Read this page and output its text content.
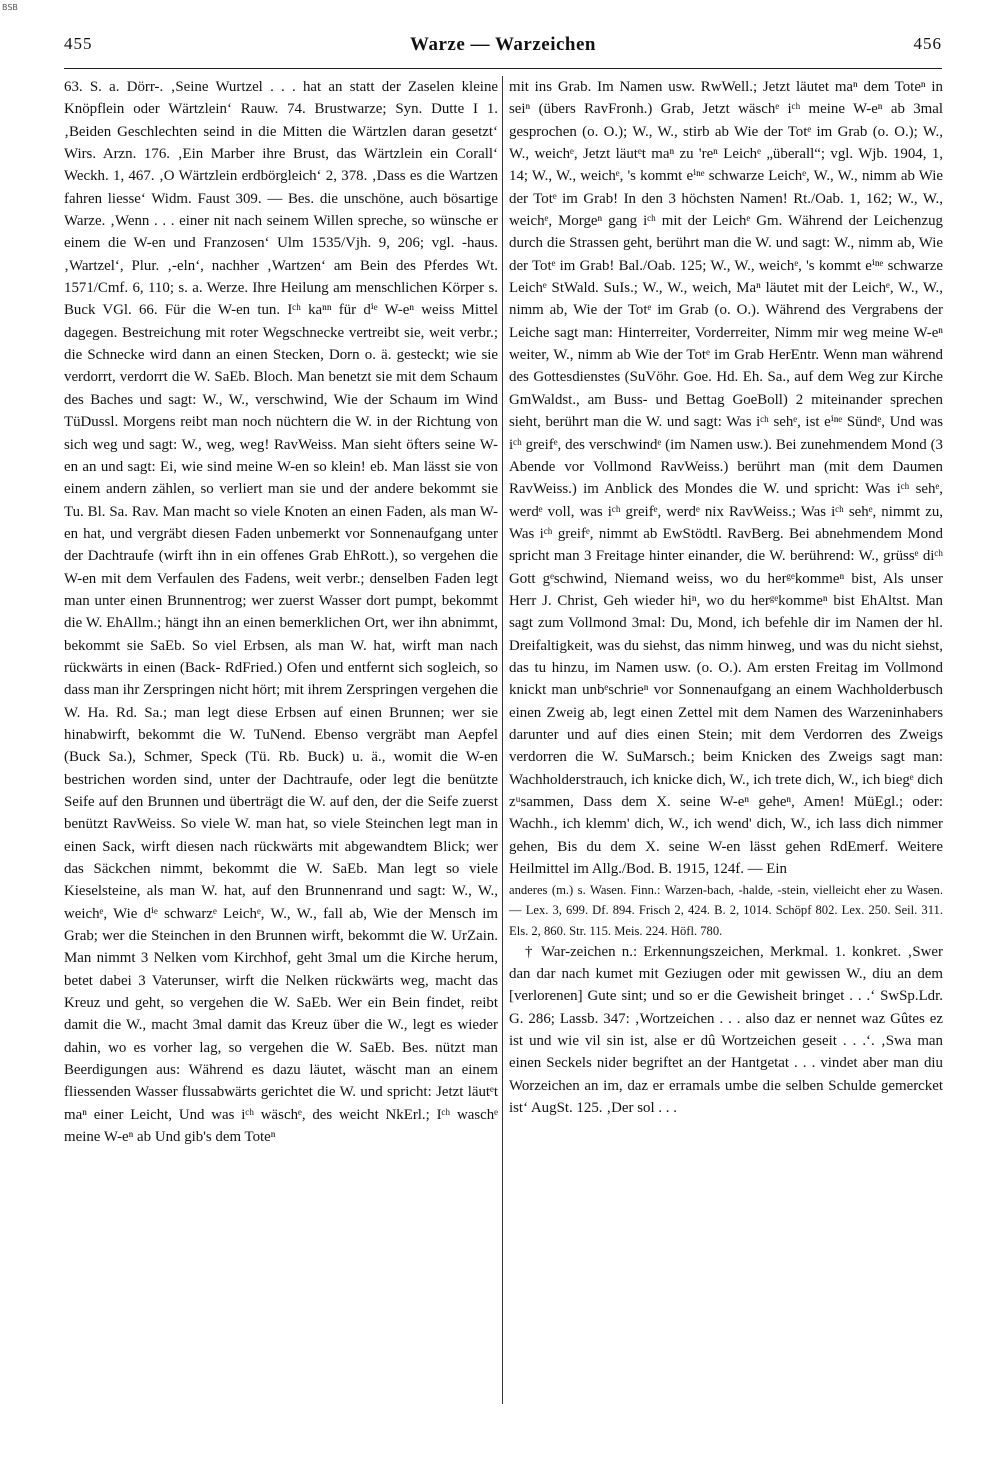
BSB
455	Warze — Warzeichen	456

63. S. a. Dörr-. ‚Seine Wurtzel . . . hat an statt der Zaselen kleine Knöpflein oder Wärtzlein‘ Rauw. 74. Brustwarze; Syn. Dutte I 1. ‚Beiden Geschlechten seind in die Mitten die Wärtzlen daran gesetzt‘ Wirs. Arzn. 176. ‚Ein Marber ihre Brust, das Wärtzlein ein Corall‘ Weckh. 1, 467. ‚O Wärtzlein erdbörgleich‘ 2, 378. ‚Dass es die Wartzen fahren liesse‘ Widm. Faust 309. — Bes. die unschöne, auch bösartige Warze. ‚Wenn . . . einer nit nach seinem Willen spreche, so wünsche er einem die W-en und Franzosen‘ Ulm 1535/Vjh. 9, 206; vgl. -haus. ‚Wartzel‘, Plur. ‚-eln‘, nachher ‚Wartzen‘ am Bein des Pferdes Wt. 1571/Cmf. 6, 110; s. a. Werze. Ihre Heilung am menschlichen Körper s. Buck VGl. 66. Für die W-en tun. Iᶜʰ kaⁿⁿ für dⁱᵉ W-eⁿ weiss Mittel dagegen. Bestreichung mit roter Wegschnecke vertreibt sie, weit verbr.; die Schnecke wird dann an einen Stecken, Dorn o. ä. gesteckt; wie sie verdorrt, verdorrt die W. SaEb. Bloch. Man benetzt sie mit dem Schaum des Baches und sagt: W., W., verschwind, Wie der Schaum im Wind TüDussl. Morgens reibt man noch nüchtern die W. in der Richtung von sich weg und sagt: W., weg, weg! RavWeiss. Man sieht öfters seine W-en an und sagt: Ei, wie sind meine W-en so klein! eb. Man lässt sie von einem andern zählen, so verliert man sie und der andere bekommt sie Tu. Bl. Sa. Rav. Man macht so viele Knoten an einen Faden, als man W-en hat, und vergräbt diesen Faden unbemerkt vor Sonnenaufgang unter der Dachtraufe (wirft ihn in ein offenes Grab EhRott.), so vergehen die W-en mit dem Verfaulen des Fadens, weit verbr.; denselben Faden legt man unter einen Brunnentrog; wer zuerst Wasser dort pumpt, bekommt die W. EhAllm.; hängt ihn an einen bemerklichen Ort, wer ihn abnimmt, bekommt sie SaEb. So viel Erbsen, als man W. hat, wirft man nach rückwärts in einen (Back- RdFried.) Ofen und entfernt sich sogleich, so dass man ihr Zerspringen nicht hört; mit ihrem Zerspringen vergehen die W. Ha. Rd. Sa.; man legt diese Erbsen auf einen Brunnen; wer sie hinabwirft, bekommt die W. TuNend. Ebenso vergräbt man Aepfel (Buck Sa.), Schmer, Speck (Tü. Rb. Buck) u. ä., womit die W-en bestrichen worden sind, unter der Dachtraufe, oder legt die benützte Seife auf den Brunnen und überträgt die W. auf den, der die Seife zuerst benützt RavWeiss. So viele W. man hat, so viele Steinchen legt man in einen Sack, wirft diesen nach rückwärts mit abgewandtem Blick; wer das Säckchen nimmt, bekommt die W. SaEb. Man legt so viele Kieselsteine, als man W. hat, auf den Brunnenrand und sagt: W., W., weichᵉ, Wie dⁱᵉ schwarzᵉ Leichᵉ, W., W., fall ab, Wie der Mensch im Grab; wer die Steinchen in den Brunnen wirft, bekommt die W. UrZain. Man nimmt 3 Nelken vom Kirchhof, geht 3mal um die Kirche herum, betet dabei 3 Vaterunser, wirft die Nelken rückwärts weg, macht das Kreuz und geht, so vergehen die W. SaEb. Wer ein Bein findet, reibt damit die W., macht 3mal damit das Kreuz über die W., legt es wieder dahin, wo es vorher lag, so vergehen die W. SaEb. Bes. nützt man Beerdigungen aus: Während es dazu läutet, wäscht man an einem fliessenden Wasser flussabwärts gerichtet die W. und spricht: Jetzt läutᵉt maⁿ einer Leicht, Und was iᶜʰ wäschᵉ, des weicht NkErl.; Iᶜʰ waschᵉ meine W-eⁿ ab Und gib's dem Toteⁿ

mit ins Grab. Im Namen usw. RwWell.; Jetzt läutet maⁿ dem Toteⁿ in seiⁿ (übers RavFronh.) Grab, Jetzt wäschᵉ iᶜʰ meine W-eⁿ ab 3mal gesprochen (o. O.); W., W., stirb ab Wie der Totᵉ im Grab (o. O.); W., W., weichᵉ, Jetzt läutᵉt maⁿ zu 'reⁿ Leichᵉ „überall“; vgl. Wjb. 1904, 1, 14; W., W., weichᵉ, 's kommt eⁱⁿᵉ schwarze Leichᵉ, W., W., nimm ab Wie der Totᵉ im Grab! In den 3 höchsten Namen! Rt./Oab. 1, 162; W., W., weichᵉ, Morgeⁿ gang iᶜʰ mit der Leichᵉ Gm. Während der Leichenzug durch die Strassen geht, berührt man die W. und sagt: W., nimm ab, Wie der Totᵉ im Grab! Bal./Oab. 125; W., W., weichᵉ, 's kommt eⁱⁿᵉ schwarze Leichᵉ StWald. SuIs.; W., W., weich, Maⁿ läutet mit der Leichᵉ, W., W., nimm ab, Wie der Totᵉ im Grab (o. O.). Während des Vergrabens der Leiche sagt man: Hinterreiter, Vorderreiter, Nimm mir weg meine W-eⁿ weiter, W., nimm ab Wie der Totᵉ im Grab HerEntr. Wenn man während des Gottesdienstes (SuVöhr. Goe. Hd. Eh. Sa., auf dem Weg zur Kirche GmWaldst., am Buss- und Bettag GoeBoll) 2 miteinander sprechen sieht, berührt man die W. und sagt: Was iᶜʰ sehᵉ, ist eⁱⁿᵉ Sündᵉ, Und was iᶜʰ greifᵉ, des verschwindᵉ (im Namen usw.). Bei zunehmendem Mond (3 Abende vor Vollmond RavWeiss.) berührt man (mit dem Daumen RavWeiss.) im Anblick des Mondes die W. und spricht: Was iᶜʰ sehᵉ, werdᵉ voll, was iᶜʰ greifᵉ, werdᵉ nix RavWeiss.; Was iᶜʰ sehᵉ, nimmt zu, Was iᶜʰ greifᵉ, nimmt ab EwStödtl. RavBerg. Bei abnehmendem Mond spricht man 3 Freitage hinter einander, die W. berührend: W., grüssᵉ diᶜʰ Gott gᵉschwind, Niemand weiss, wo du herᵍᵉkommeⁿ bist, Als unser Herr J. Christ, Geh wieder hiⁿ, wo du herᵍᵉkommeⁿ bist EhAltst. Man sagt zum Vollmond 3mal: Du, Mond, ich befehle dir im Namen der hl. Dreifaltigkeit, was du siehst, das nimm hinweg, und was du nicht siehst, das tu hinzu, im Namen usw. (o. O.). Am ersten Freitag im Vollmond knickt man unbᵉschrieⁿ vor Sonnenaufgang an einem Wachholderbusch einen Zweig ab, legt einen Zettel mit dem Namen des Warzeninhabers darunter und auf dies einen Stein; mit dem Verdorren des Zweigs verdorren die W. SuMarsch.; beim Knicken des Zweigs sagt man: Wachholderstrauch, ich knicke dich, W., ich trete dich, W., ich biegᵉ dich zᵘsammen, Dass dem X. seine W-eⁿ geheⁿ, Amen! MüEgl.; oder: Wachh., ich klemm' dich, W., ich wend' dich, W., ich lass dich nimmer gehen, Bis du dem X. seine W-en lässt gehen RdEmerf. Weitere Heilmittel im Allg./Bod. B. 1915, 124f. — Ein

anderes (m.) s. Wasen. Finn.: Warzen-bach, -halde, -stein, vielleicht eher zu Wasen. — Lex. 3, 699. Df. 894. Frisch 2, 424. B. 2, 1014. Schöpf 802. Lex. 250. Seil. 311. Els. 2, 860. Str. 115. Meis. 224. Höfl. 780.

† War-zeichen n.: Erkennungszeichen, Merkmal. 1. konkret. ‚Swer dan dar nach kumet mit Geziugen oder mit gewissen W., diu an dem [verlorenen] Gute sint; und so er die Gewisheit bringet . . .‘ SwSp.Ldr. G. 286; Lassb. 347: ‚Wortzeichen . . . also daz er nennet waz Gûtes ez ist und wie vil sin ist, alse er dû Wortzeichen geseit . . .‘. ‚Swa man einen Seckels nider begriftet an der Hantgetat . . . vindet aber man diu Worzeichen an im, daz er erramals umbe die selben Schulde gemercket ist‘ AugSt. 125. ‚Der sol . . .
